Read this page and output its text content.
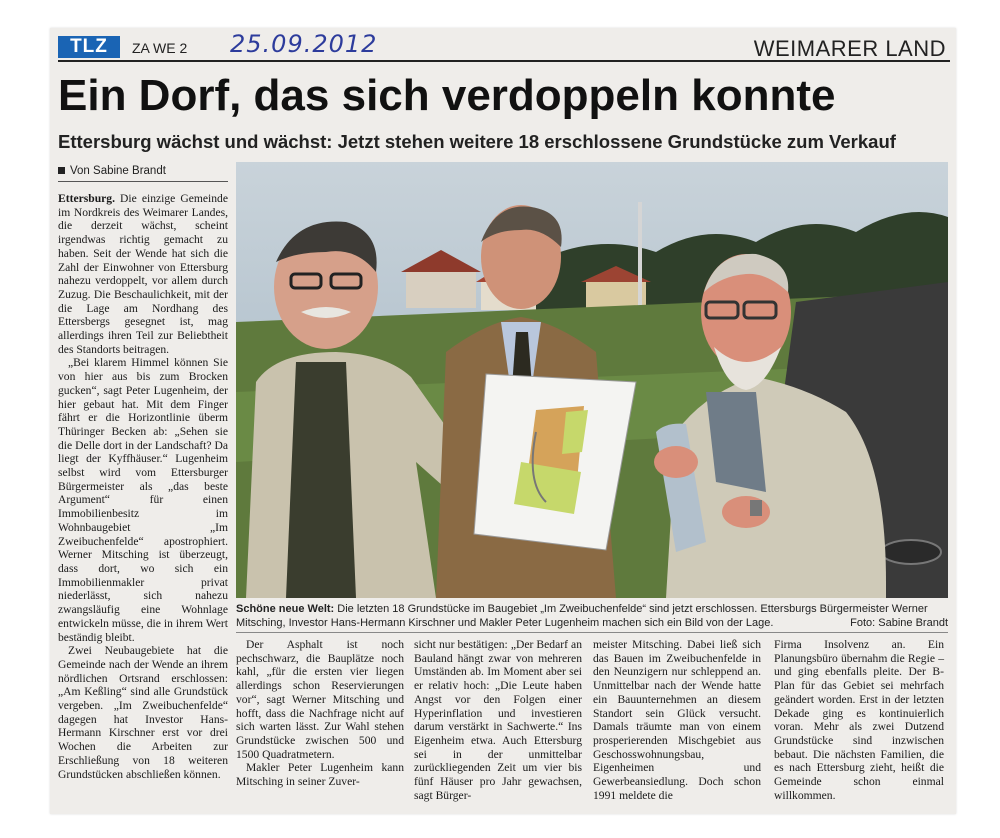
TLZ	ZA WE 2 25.09.2012	WEIMARER LAND
Ein Dorf, das sich verdoppeln konnte
Ettersburg wächst und wächst: Jetzt stehen weitere 18 erschlossene Grundstücke zum Verkauf
Von Sabine Brandt

Ettersburg. Die einzige Gemeinde im Nordkreis des Weimarer Landes, die derzeit wächst, scheint irgendwas richtig gemacht zu haben. Seit der Wende hat sich die Zahl der Einwohner von Ettersburg nahezu verdoppelt, vor allem durch Zuzug. Die Beschaulichkeit, mit der die Lage am Nordhang des Ettersbergs gesegnet ist, mag allerdings ihren Teil zur Beliebtheit des Standorts beitragen.

„Bei klarem Himmel können Sie von hier aus bis zum Brocken gucken“, sagt Peter Lugenheim, der hier gebaut hat. Mit dem Finger fährt er die Horizontlinie überm Thüringer Becken ab: „Sehen sie die Delle dort in der Landschaft? Da liegt der Kyffhäuser.“ Lugenheim selbst wird vom Ettersburger Bürgermeister als „das beste Argument“ für einen Immobilienbesitz im Wohnbaugebiet „Im Zweibuchenfelde“ apostrophiert. Werner Mitsching ist überzeugt, dass dort, wo sich ein Immobilienmakler privat niederlässt, sich nahezu zwangsläufig eine Wohnlage entwickeln müsse, die in ihrem Wert beständig bleibt.

Zwei Neubaugebiete hat die Gemeinde nach der Wende an ihrem nördlichen Ortsrand erschlossen: „Am Keßling“ sind alle Grundstück vergeben. „Im Zweibuchenfelde“ dagegen hat Investor Hans-Hermann Kirschner erst vor drei Wochen die Arbeiten zur Erschließung von 18 weiteren Grundstücken abschließen können.

Schöne neue Welt: Die letzten 18 Grundstücke im Baugebiet „Im Zweibuchenfelde“ sind jetzt erschlossen. Ettersburgs Bürgermeister Werner Mitsching, Investor Hans-Hermann Kirschner und Makler Peter Lugenheim machen sich ein Bild von der Lage.	Foto: Sabine Brandt

Der Asphalt ist noch pechschwarz, die Bauplätze noch kahl, „für die ersten vier liegen allerdings schon Reservierungen vor“, sagt Werner Mitsching und hofft, dass die Nachfrage nicht auf sich warten lässt. Zur Wahl stehen Grundstücke zwischen 500 und 1500 Quadratmetern.

Makler Peter Lugenheim kann Mitsching in seiner Zuver-

sicht nur bestätigen: „Der Bedarf an Bauland hängt zwar von mehreren Umständen ab. Im Moment aber sei er relativ hoch: „Die Leute haben Angst vor den Folgen einer Hyperinflation und investieren darum verstärkt in Sachwerte.“ Ins Eigenheim etwa. Auch Ettersburg sei in der unmittelbar zurückliegenden Zeit um vier bis fünf Häuser pro Jahr gewachsen, sagt Bürger-

meister Mitsching. Dabei ließ sich das Bauen im Zweibuchenfelde in den Neunzigern nur schleppend an. Unmittelbar nach der Wende hatte ein Bauunternehmen an diesem Standort sein Glück versucht. Damals träumte man von einem prosperierenden Mischgebiet aus Geschosswohnungsbau, Eigenheimen und Gewerbeansiedlung. Doch schon 1991 meldete die

Firma Insolvenz an. Ein Planungsbüro übernahm die Regie – und ging ebenfalls pleite. Der B-Plan für das Gebiet sei mehrfach geändert worden. Erst in der letzten Dekade ging es kontinuierlich voran. Mehr als zwei Dutzend Grundstücke sind inzwischen bebaut. Die nächsten Familien, die es nach Ettersburg zieht, heißt die Gemeinde schon einmal willkommen.
